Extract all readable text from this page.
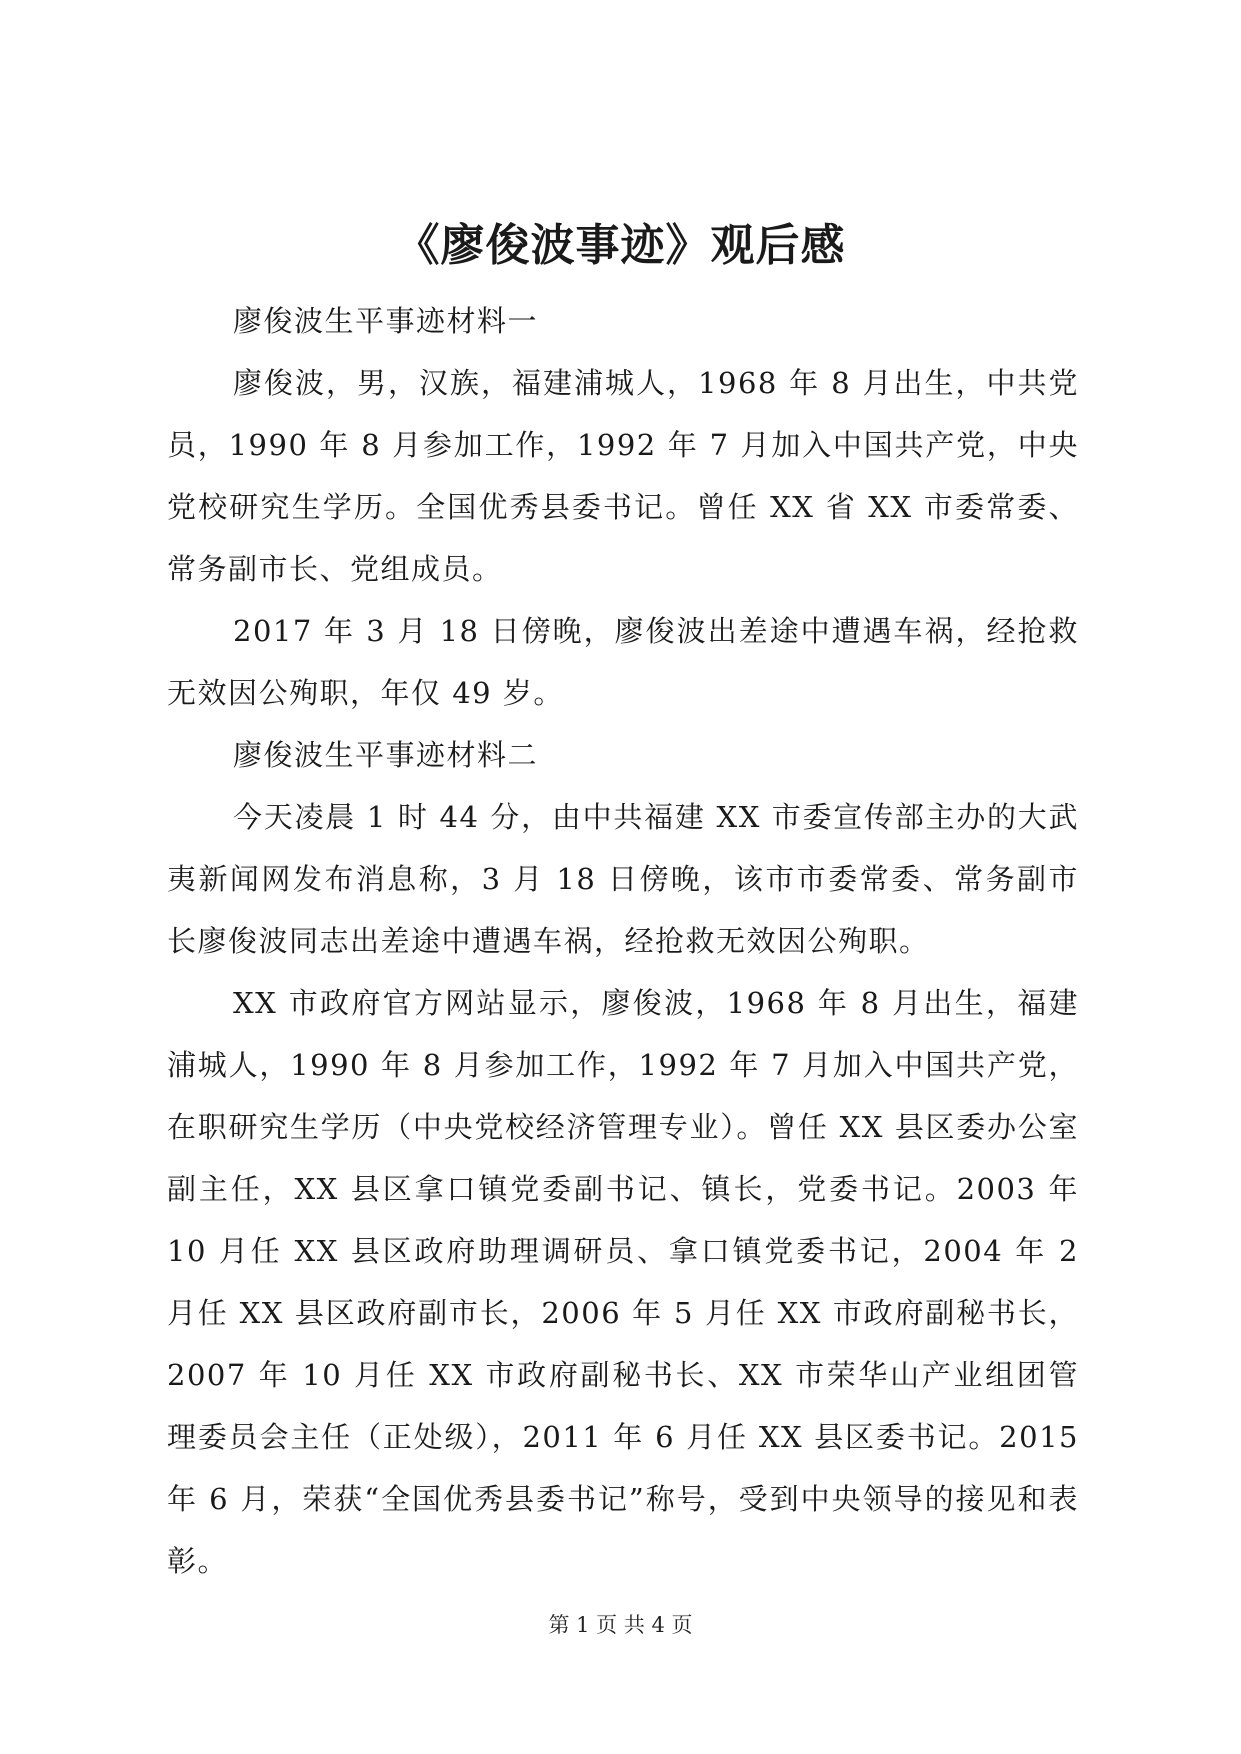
《廖俊波事迹》观后感

廖俊波生平事迹材料一

廖俊波，男，汉族，福建浦城人，1968 年 8 月出生，中共党员，1990 年 8 月参加工作，1992 年 7 月加入中国共产党，中央党校研究生学历。全国优秀县委书记。曾任 XX 省 XX 市委常委、常务副市长、党组成员。

2017 年 3 月 18 日傍晚，廖俊波出差途中遭遇车祸，经抢救无效因公殉职，年仅 49 岁。

廖俊波生平事迹材料二

今天凌晨 1 时 44 分，由中共福建 XX 市委宣传部主办的大武夷新闻网发布消息称，3 月 18 日傍晚，该市市委常委、常务副市长廖俊波同志出差途中遭遇车祸，经抢救无效因公殉职。

XX 市政府官方网站显示，廖俊波，1968 年 8 月出生，福建浦城人，1990 年 8 月参加工作，1992 年 7 月加入中国共产党，在职研究生学历（中央党校经济管理专业）。曾任 XX 县区委办公室副主任，XX 县区拿口镇党委副书记、镇长，党委书记。2003 年 10 月任 XX 县区政府助理调研员、拿口镇党委书记，2004 年 2 月任 XX 县区政府副市长，2006 年 5 月任 XX 市政府副秘书长，2007 年 10 月任 XX 市政府副秘书长、XX 市荣华山产业组团管理委员会主任（正处级），2011 年 6 月任 XX 县区委书记。2015 年 6 月，荣获“全国优秀县委书记”称号，受到中央领导的接见和表彰。

第 1 页 共 4 页
